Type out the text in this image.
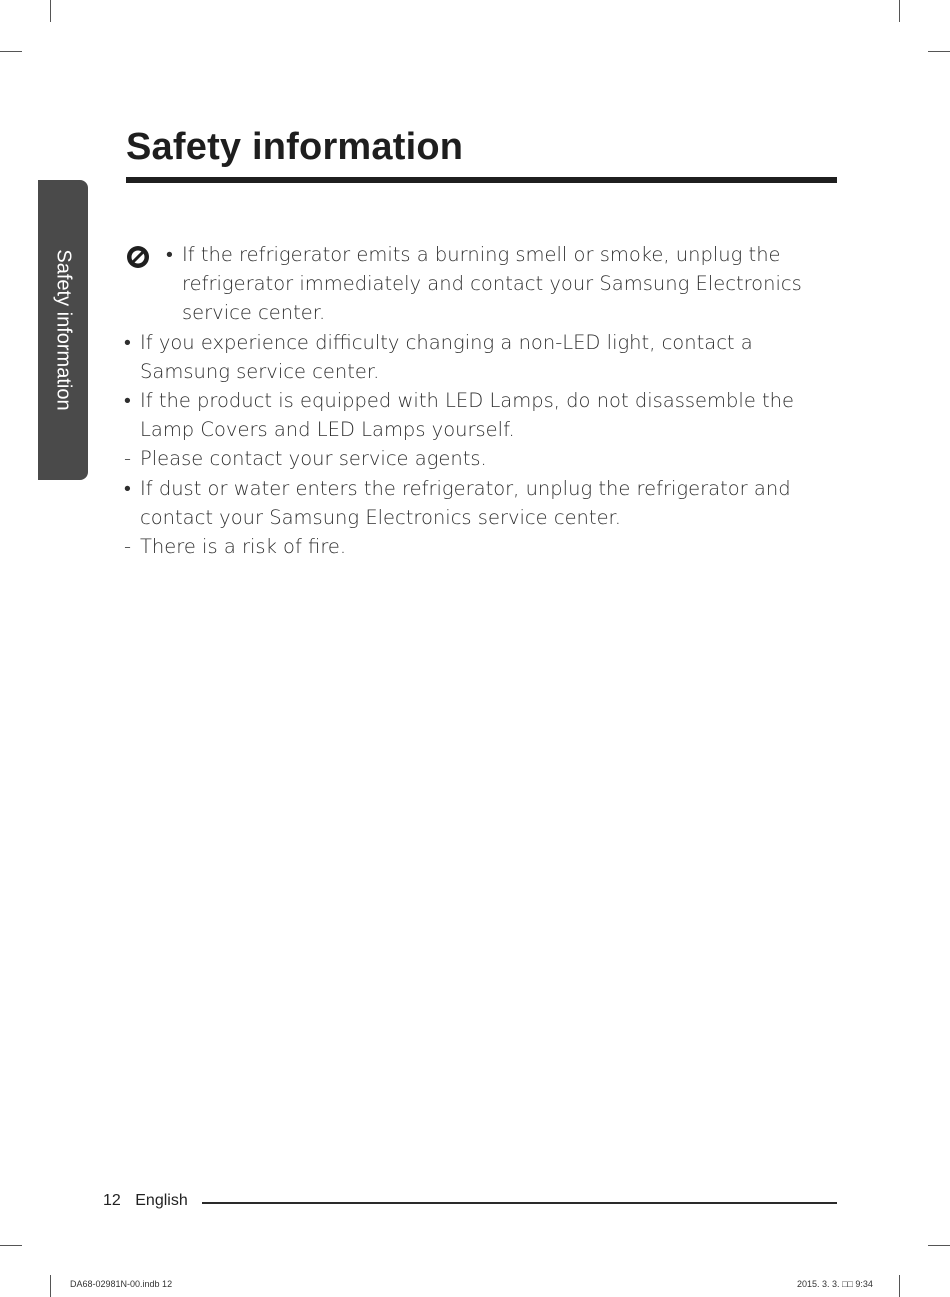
Safety information
Safety information	• If the refrigerator emits a burning smell or smoke, unplug the refrigerator immediately and contact your Samsung Electronics service center.
• If you experience difficulty changing a non-LED light, contact a Samsung service center.
• If the product is equipped with LED Lamps, do not disassemble the Lamp Covers and LED Lamps yourself.
- Please contact your service agents.
• If dust or water enters the refrigerator, unplug the refrigerator and contact your Samsung Electronics service center.
- There is a risk of fire.
12 English
DA68-02981N-00.indb 12	2015. 3. 3. □□ 9:34
